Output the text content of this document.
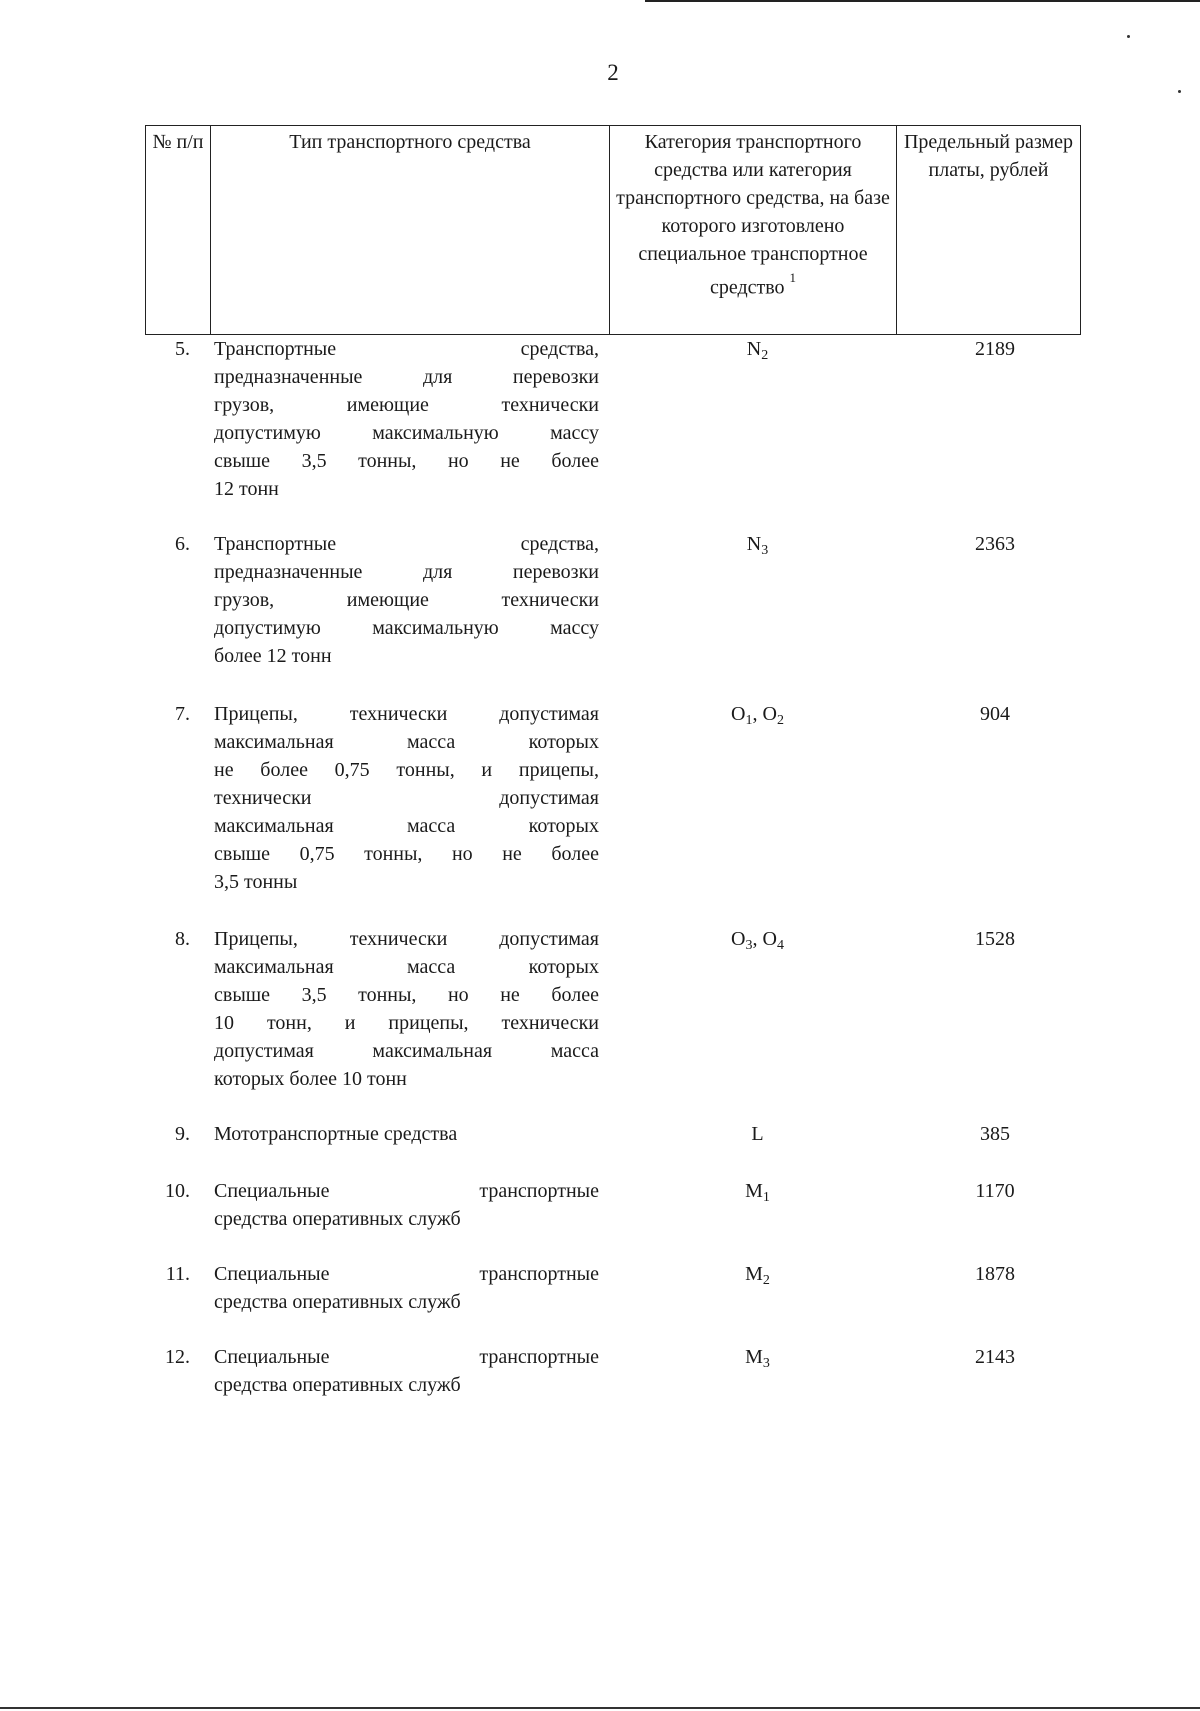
2
№ п/п	Тип транспортного средства	Категория транспортного средства или категория транспортного средства, на базе которого изготовлено специальное транспортное средство $^1$	Предельный размер платы, рублей
5. Транспортные средства,
предназначенные для перевозки
грузов, имеющие технически
допустимую максимальную массу
свыше 3,5 тонны, но не более
12 тонн
$N_2$	2189
6. Транспортные средства,
предназначенные для перевозки
грузов, имеющие технически
допустимую максимальную массу
более 12 тонн
$N_3$	2363
7. Прицепы, технически допустимая
максимальная масса которых
не более 0,75 тонны, и прицепы,
технически допустимая
максимальная масса которых
свыше 0,75 тонны, но не более
3,5 тонны
$O_1$, $O_2$	904
8. Прицепы, технически допустимая
максимальная масса которых
свыше 3,5 тонны, но не более
10 тонн, и прицепы, технически
допустимая максимальная масса
которых более 10 тонн
$O_3$, $O_4$	1528
9. Мототранспортные средства	L	385
10. Специальные транспортные
средства оперативных служб
$M_1$	1170
11. Специальные транспортные
средства оперативных служб
$M_2$	1878
12. Специальные транспортные
средства оперативных служб
$M_3$	2143
